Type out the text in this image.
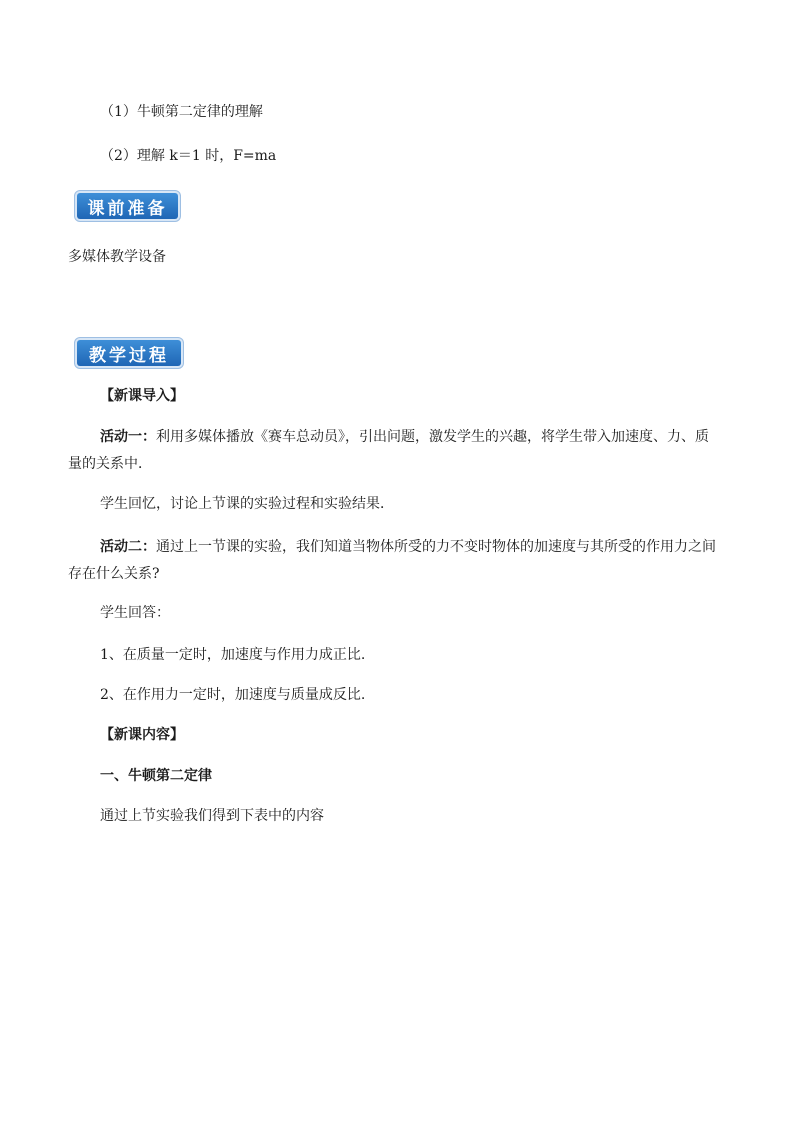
（1）牛顿第二定律的理解
（2）理解 k＝1 时，F=ma
课前准备
多媒体教学设备
教学过程
【新课导入】
活动一：利用多媒体播放《赛车总动员》，引出问题，激发学生的兴趣，将学生带入加速度、力、质量的关系中．
学生回忆，讨论上节课的实验过程和实验结果．
活动二：通过上一节课的实验，我们知道当物体所受的力不变时物体的加速度与其所受的作用力之间存在什么关系?
学生回答：
1、在质量一定时，加速度与作用力成正比.
2、在作用力一定时，加速度与质量成反比.
【新课内容】
一、牛顿第二定律
通过上节实验我们得到下表中的内容
